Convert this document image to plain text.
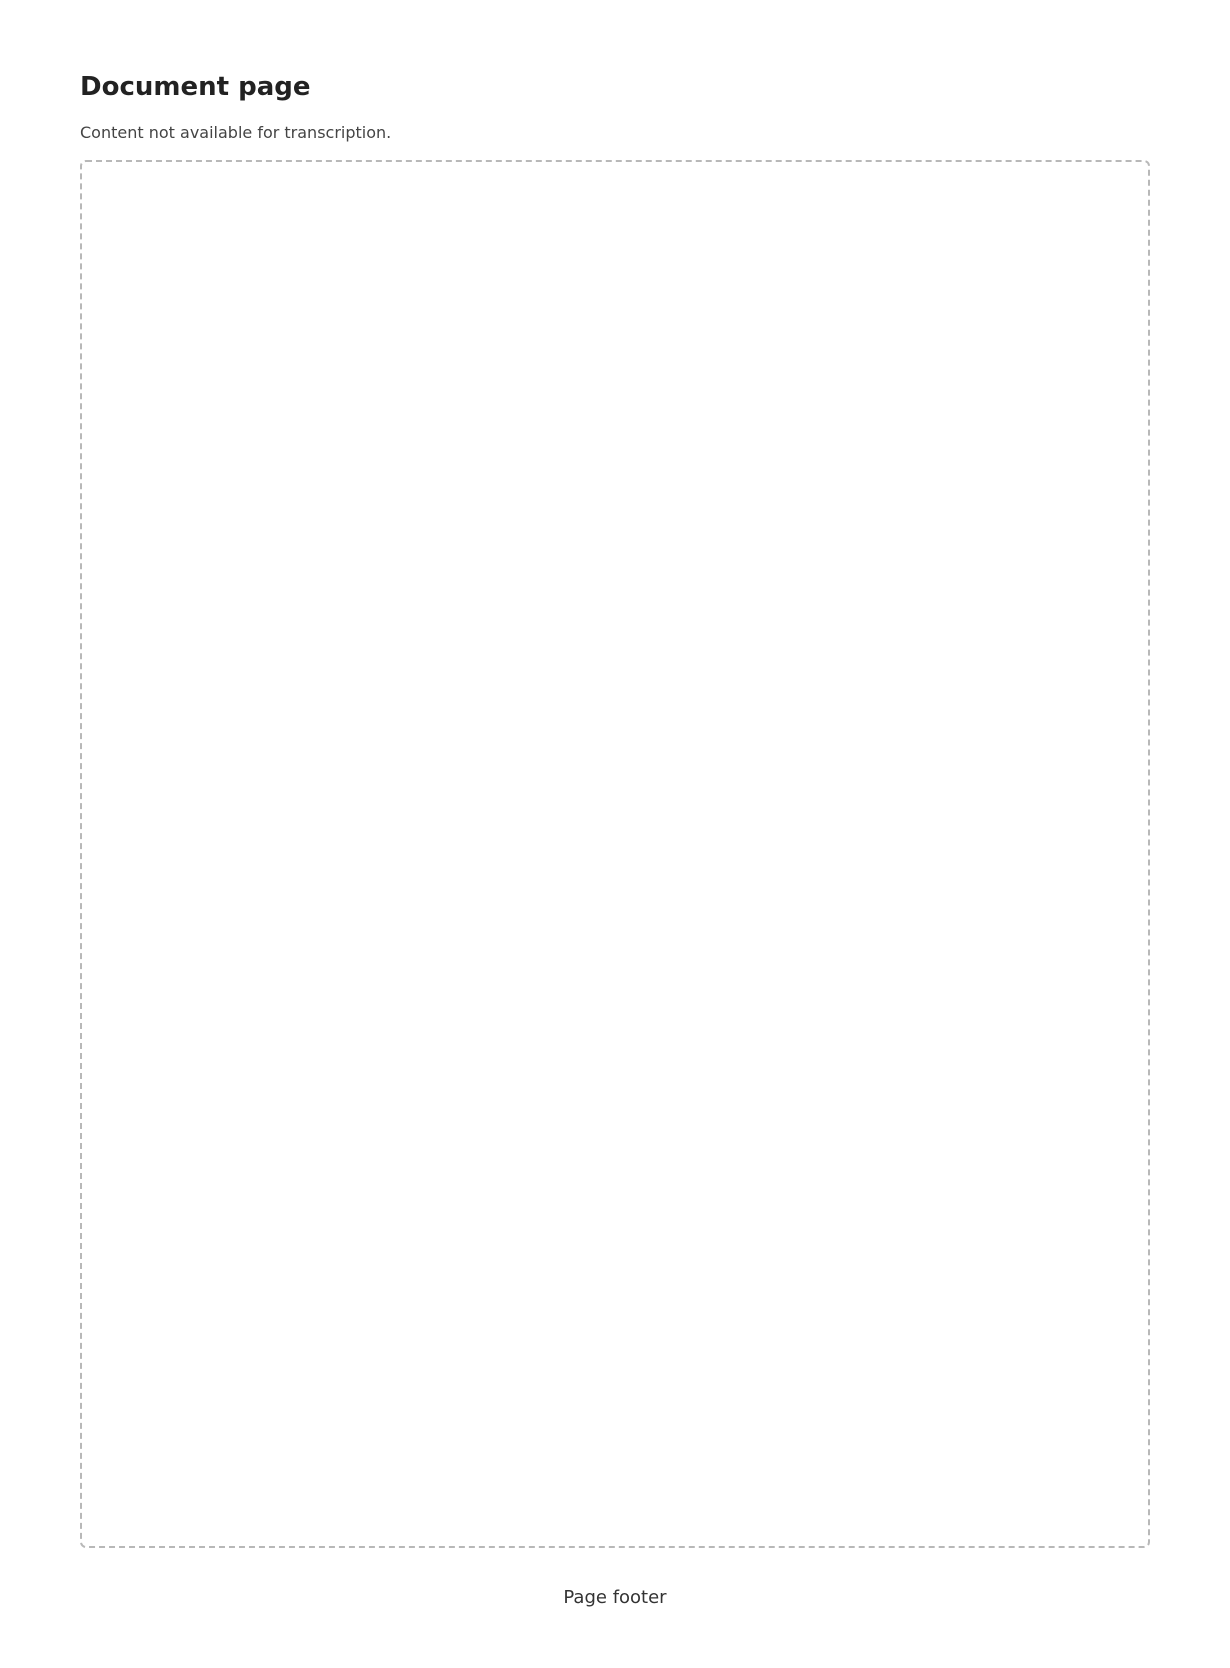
Document page
Content not available for transcription.
Page footer
